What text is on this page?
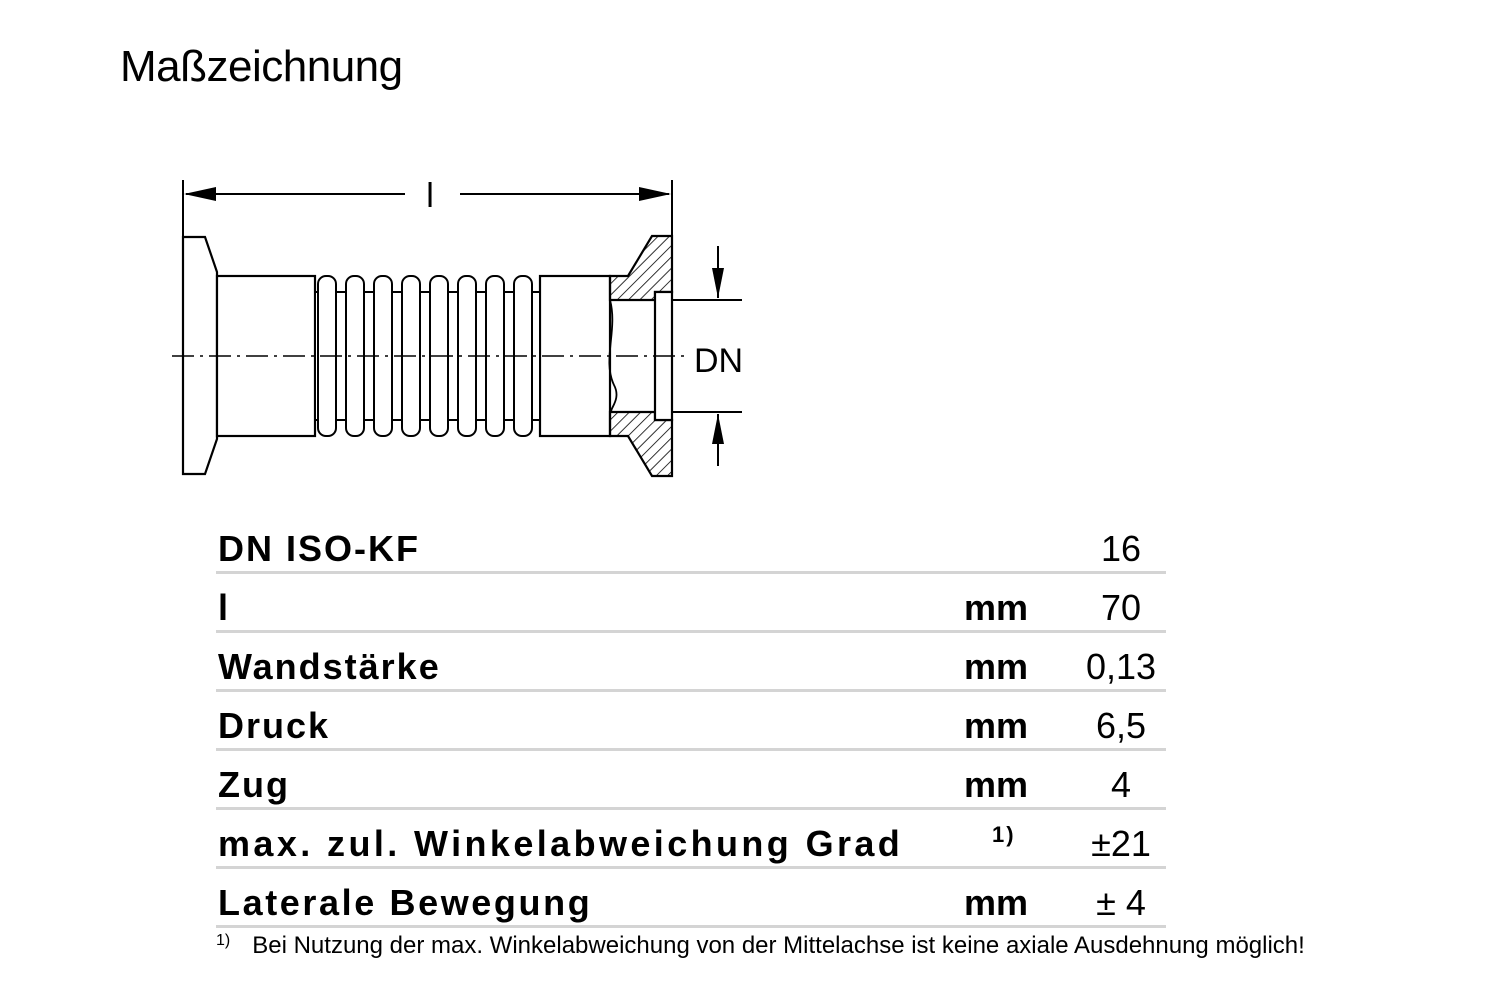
Maßzeichnung
l
DN
DN ISO-KF	16
l	mm	70
Wandstärke	mm 0,13
Druck	mm	6,5
Zug	mm	4
max. zul. Winkelabweichung Grad	1)	±21
Laterale Bewegung	mm	± 4
$^{1)}$ Bei Nutzung der max. Winkelabweichung von der Mittelachse ist keine axiale Ausdehnung möglich!
